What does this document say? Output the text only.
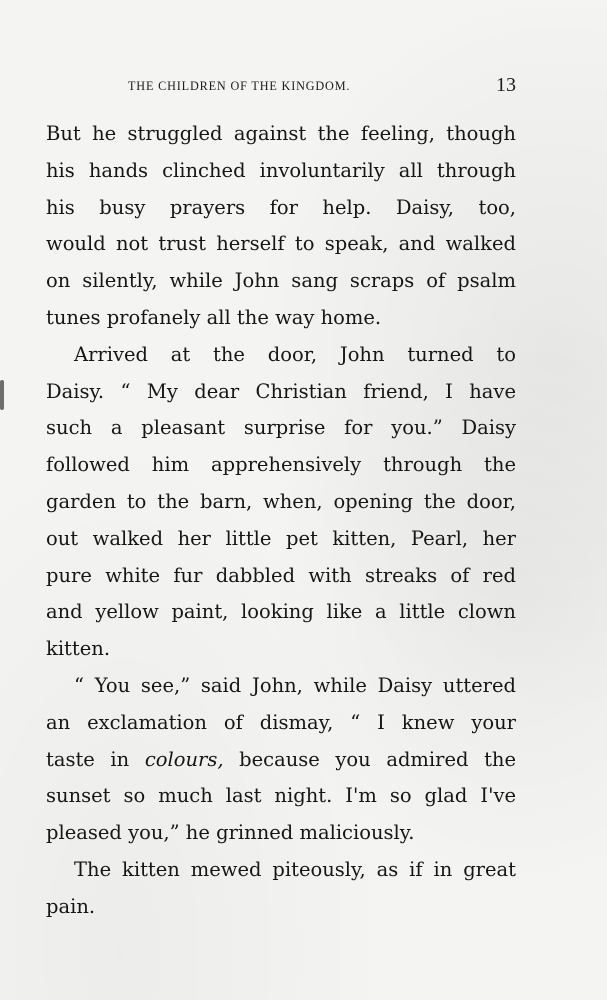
THE CHILDREN OF THE KINGDOM.	13
But he struggled against the feeling, though
his hands clinched involuntarily all through
his busy prayers for help. Daisy, too,
would not trust herself to speak, and walked
on silently, while John sang scraps of psalm
tunes profanely all the way home.
Arrived at the door, John turned to
Daisy. “ My dear Christian friend, I have
such a pleasant surprise for you.” Daisy
followed him apprehensively through the
garden to the barn, when, opening the door,
out walked her little pet kitten, Pearl, her
pure white fur dabbled with streaks of red
and yellow paint, looking like a little clown
kitten.
“ You see,” said John, while Daisy uttered
an exclamation of dismay, “ I knew your
taste in colours, because you admired the
sunset so much last night. I'm so glad I've
pleased you,” he grinned maliciously.
The kitten mewed piteously, as if in great
pain.
